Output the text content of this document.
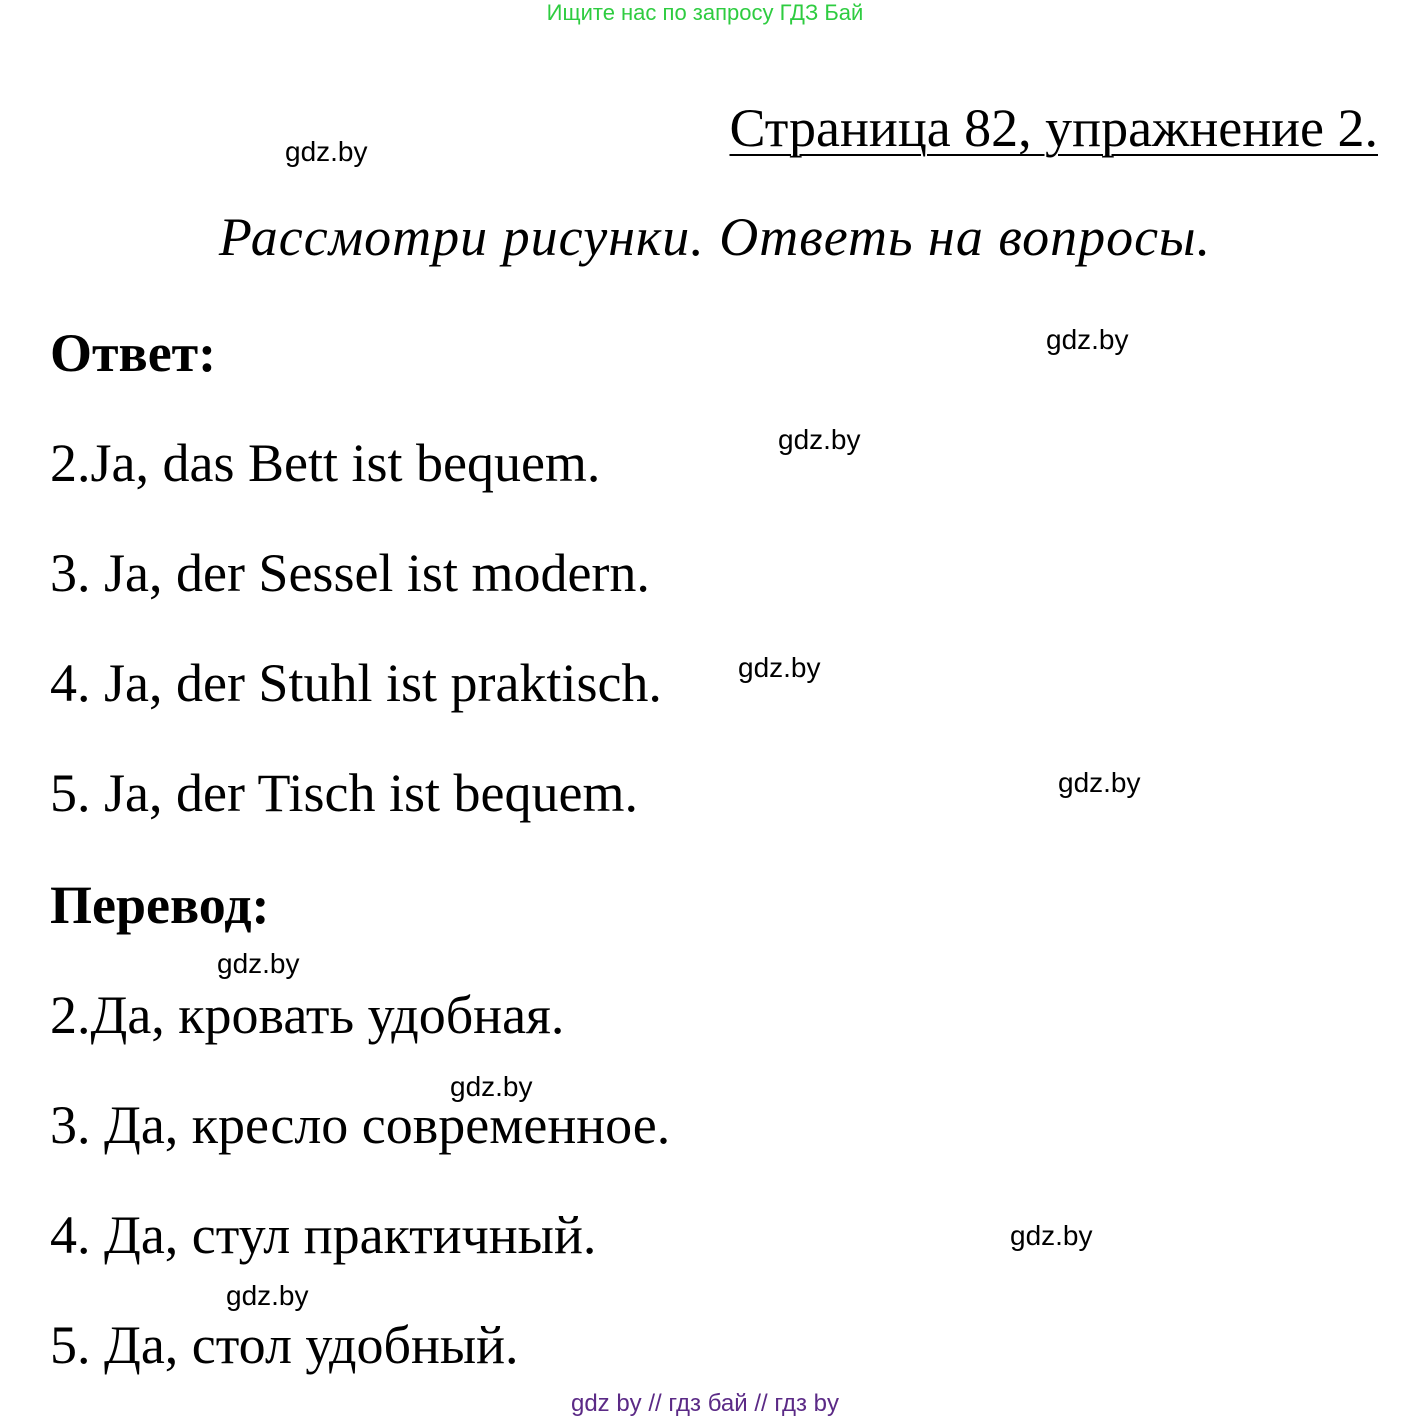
Ищите нас по запросу ГДЗ Бай
gdz.by	Страница 82, упражнение 2.
Рассмотри рисунки. Ответь на вопросы.
Ответ:	gdz.by
2.Ja, das Bett ist bequem.	gdz.by
3. Ja, der Sessel ist modern.
4. Ja, der Stuhl ist praktisch.	gdz.by
5. Ja, der Tisch ist bequem.	gdz.by
Перевод:
gdz.by
2.Да, кровать удобная.
gdz.by
3. Да, кресло современное.
4. Да, стул практичный.	gdz.by
gdz.by
5. Да, стол удобный.
gdz by // гдз бай // гдз by
